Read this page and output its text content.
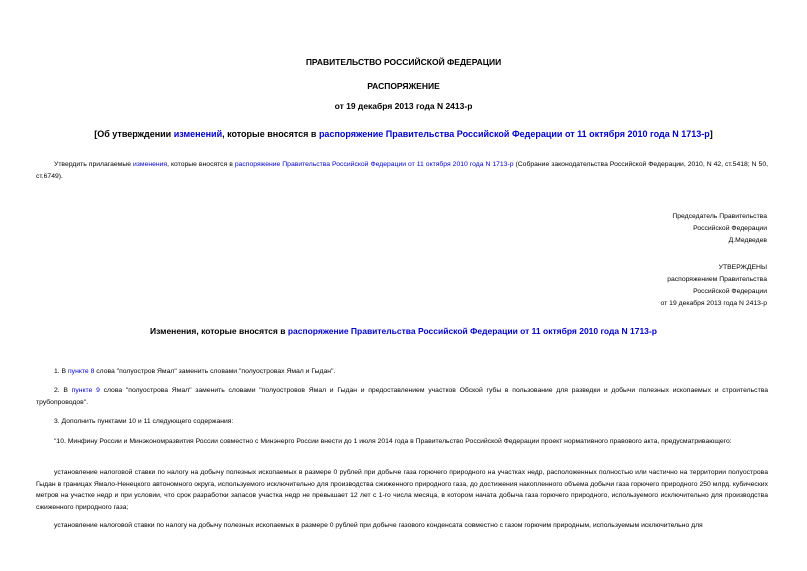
ПРАВИТЕЛЬСТВО РОССИЙСКОЙ ФЕДЕРАЦИИ
РАСПОРЯЖЕНИЕ
от 19 декабря 2013 года N 2413-р
[Об утверждении изменений, которые вносятся в распоряжение Правительства Российской Федерации от 11 октября 2010 года N 1713-р]
Утвердить прилагаемые изменения, которые вносятся в распоряжение Правительства Российской Федерации от 11 октября 2010 года N 1713-р (Собрание законодательства Российской Федерации, 2010, N 42, ст.5418; N 50, ст.6749).
Председатель Правительства
Российской Федерации
Д.Медведев
УТВЕРЖДЕНЫ
распоряжением Правительства
Российской Федерации
от 19 декабря 2013 года N 2413-р
Изменения, которые вносятся в распоряжение Правительства Российской Федерации от 11 октября 2010 года N 1713-р
1. В пункте 8 слова "полуостров Ямал" заменить словами "полуостровах Ямал и Гыдан".
2. В пункте 9 слова "полуострова Ямал" заменить словами "полуостровов Ямал и Гыдан и предоставлением участков Обской губы в пользование для разведки и добычи полезных ископаемых и строительства трубопроводов".
3. Дополнить пунктами 10 и 11 следующего содержания:
"10. Минфину России и Минэкономразвития России совместно с Минэнерго России внести до 1 июля 2014 года в Правительство Российской Федерации проект нормативного правового акта, предусматривающего:
установление налоговой ставки по налогу на добычу полезных ископаемых в размере 0 рублей при добыче газа горючего природного на участках недр, расположенных полностью или частично на территории полуострова Гыдан в границах Ямало-Ненецкого автономного округа, используемого исключительно для производства сжиженного природного газа, до достижения накопленного объема добычи газа горючего природного 250 млрд. кубических метров на участке недр и при условии, что срок разработки запасов участка недр не превышает 12 лет с 1-го числа месяца, в котором начата добыча газа горючего природного, используемого исключительно для производства сжиженного природного газа;
установление налоговой ставки по налогу на добычу полезных ископаемых в размере 0 рублей при добыче газового конденсата совместно с газом горючим природным, используемым исключительно для
